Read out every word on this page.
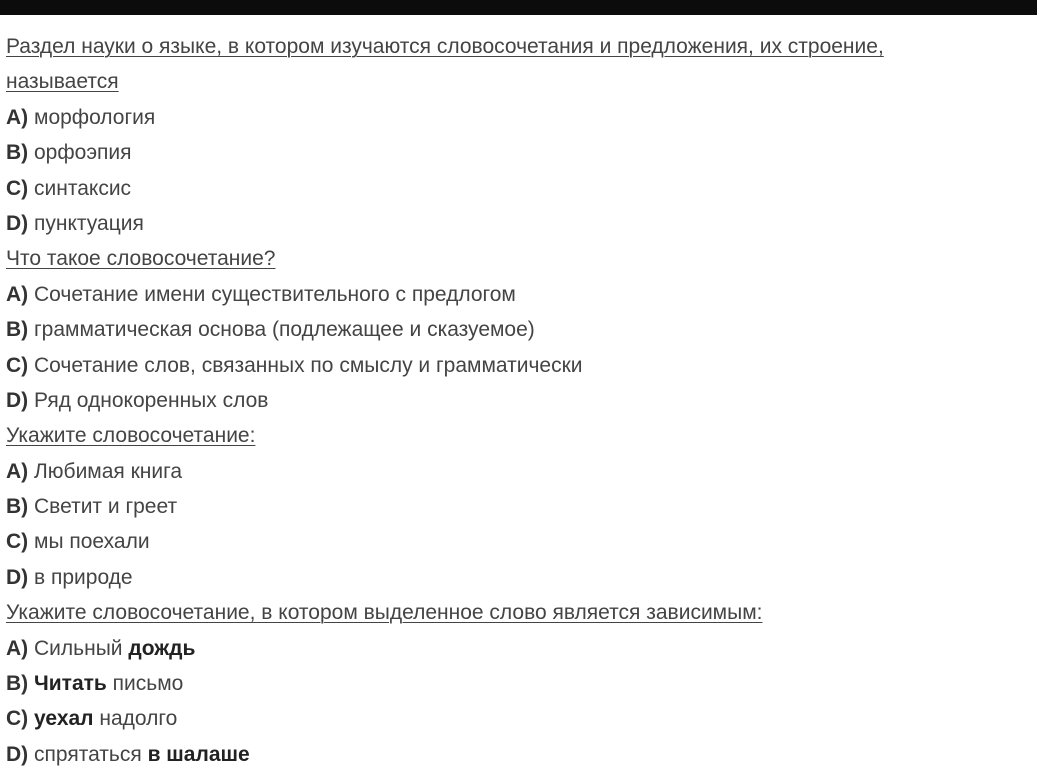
Раздел науки о языке, в котором изучаются словосочетания и предложения, их строение,
называется
A) морфология
B) орфоэпия
C) синтаксис
D) пунктуация
Что такое словосочетание?
A) Сочетание имени существительного с предлогом
B) грамматическая основа (подлежащее и сказуемое)
C) Сочетание слов, связанных по смыслу и грамматически
D) Ряд однокоренных слов
Укажите словосочетание:
A) Любимая книга
B) Светит и греет
C) мы поехали
D) в природе
Укажите словосочетание, в котором выделенное слово является зависимым:
A) Сильный дождь
B) Читать письмо
C) уехал надолго
D) спрятаться в шалаше
